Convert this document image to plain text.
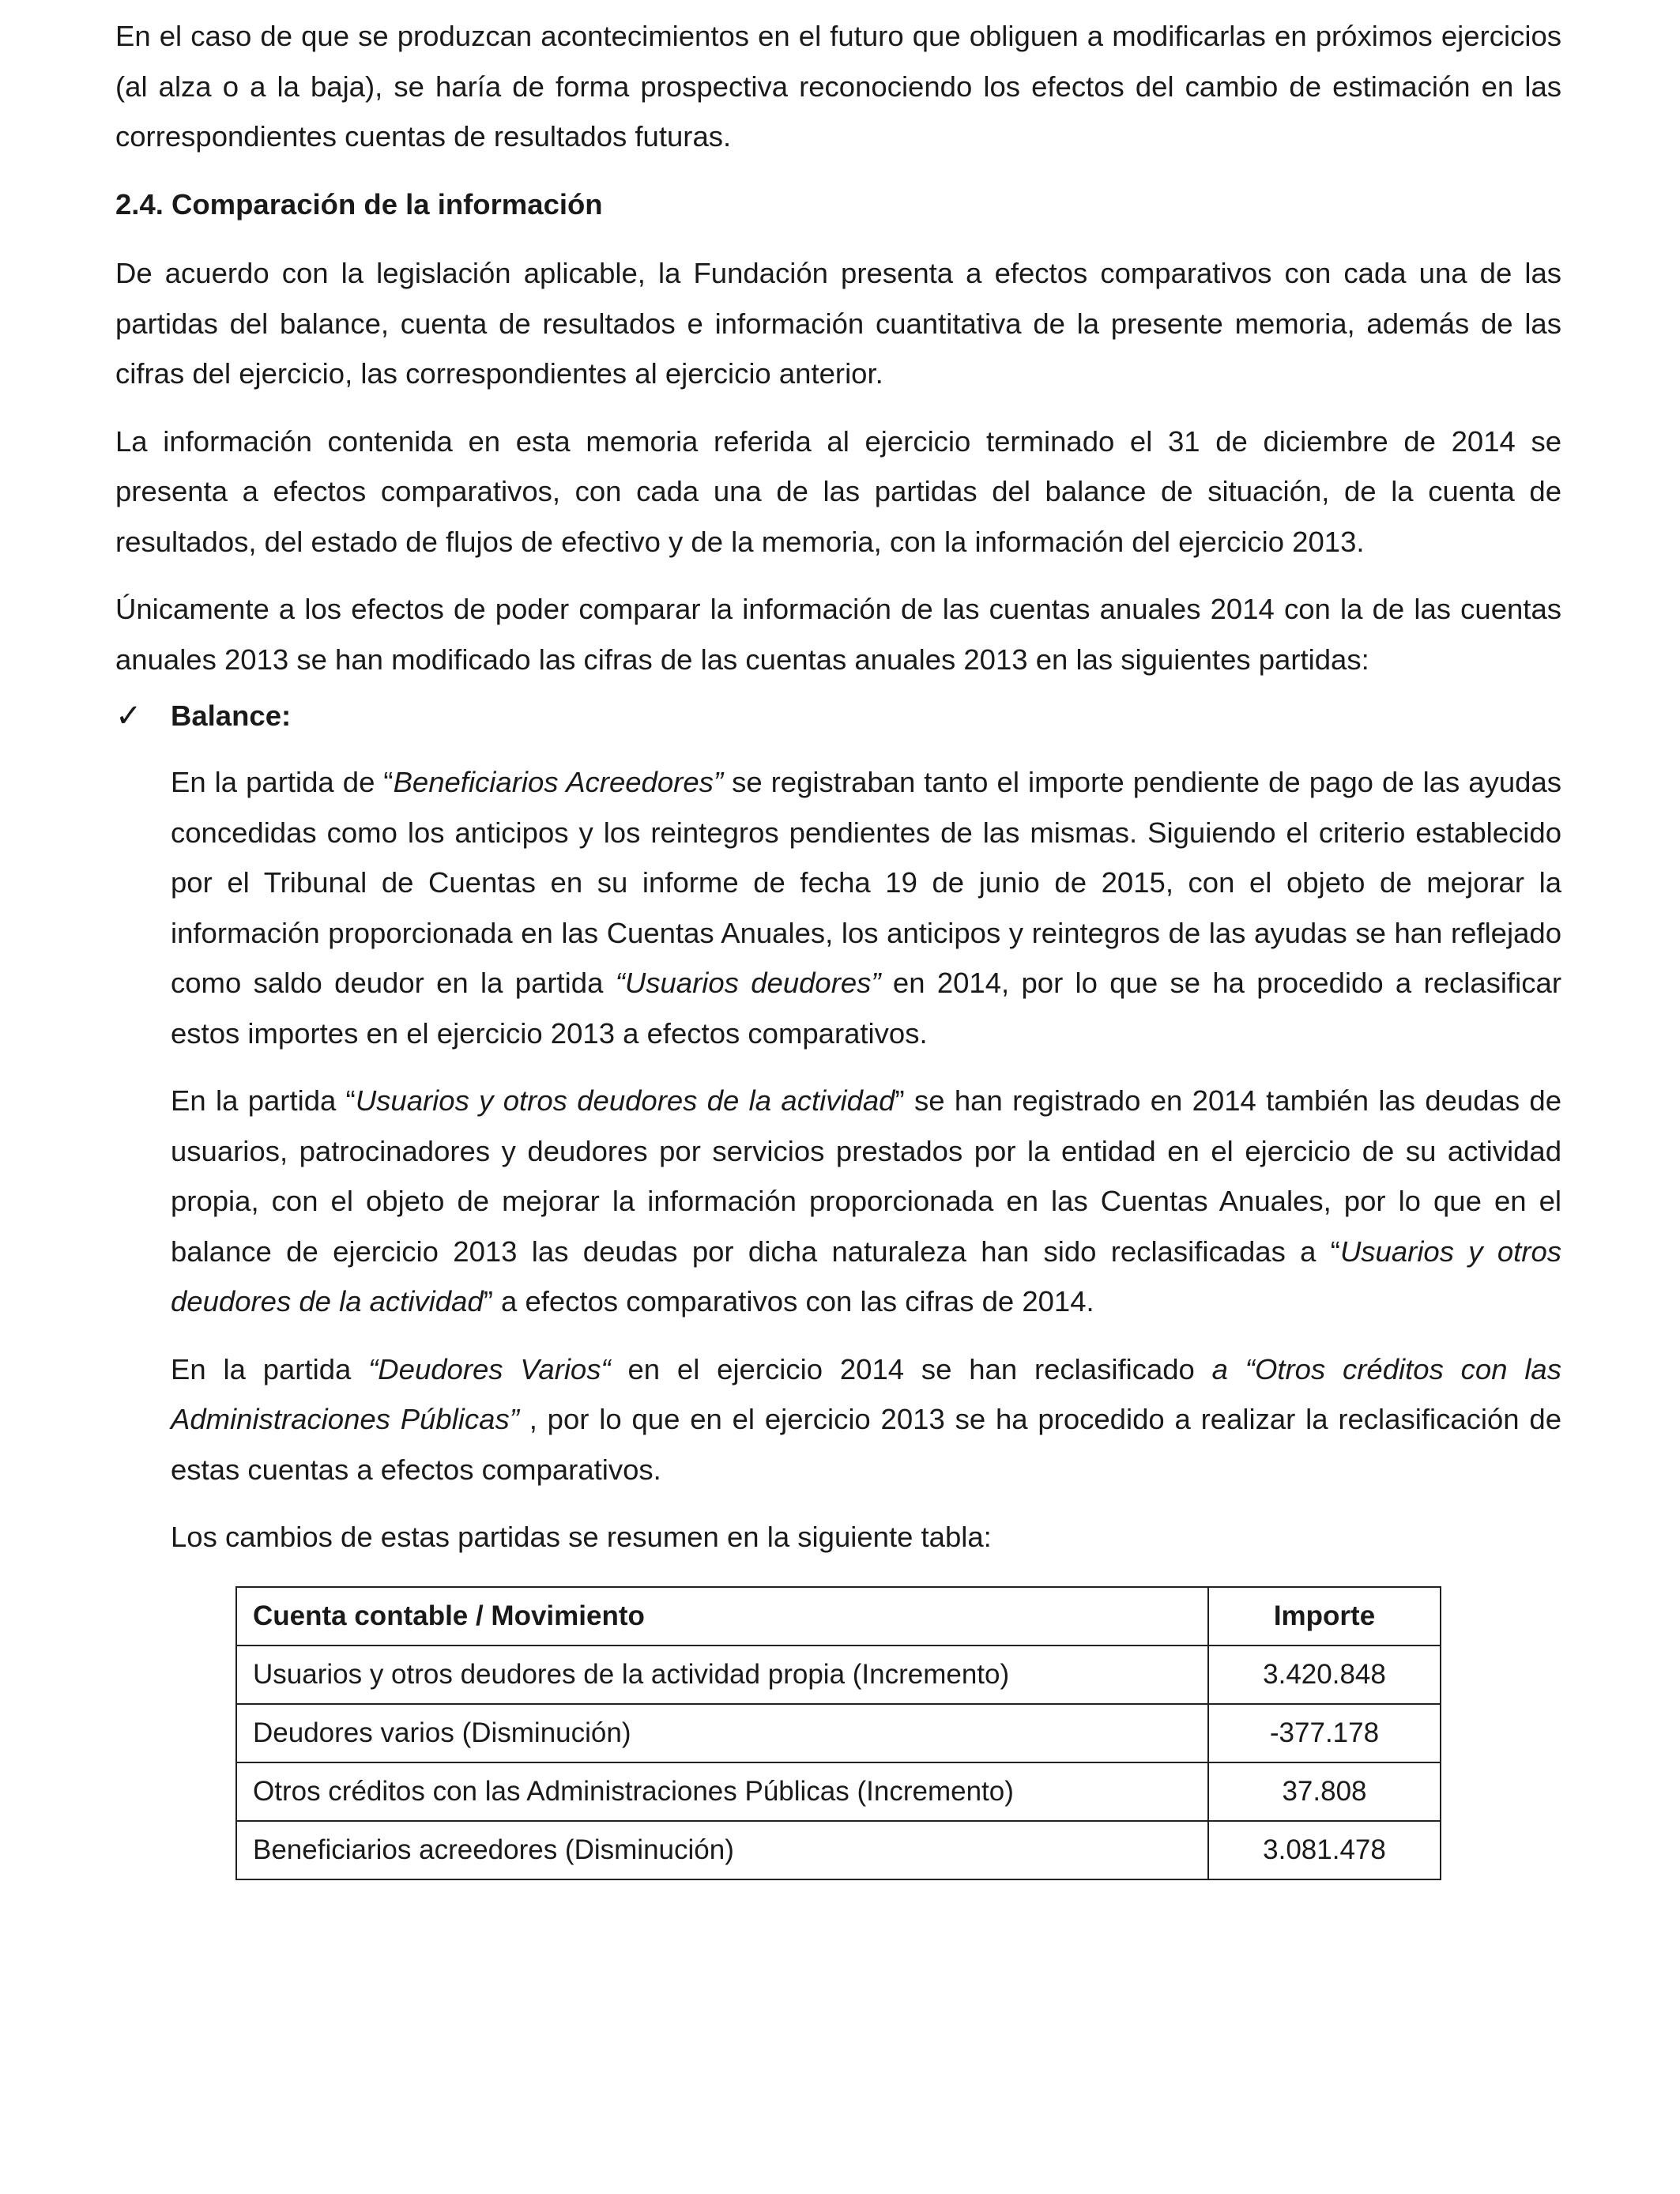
En el caso de que se produzcan acontecimientos en el futuro que obliguen a modificarlas en próximos ejercicios (al alza o a la baja), se haría de forma prospectiva reconociendo los efectos del cambio de estimación en las correspondientes cuentas de resultados futuras.

2.4. Comparación de la información

De acuerdo con la legislación aplicable, la Fundación presenta a efectos comparativos con cada una de las partidas del balance, cuenta de resultados e información cuantitativa de la presente memoria, además de las cifras del ejercicio, las correspondientes al ejercicio anterior.

La información contenida en esta memoria referida al ejercicio terminado el 31 de diciembre de 2014 se presenta a efectos comparativos, con cada una de las partidas del balance de situación, de la cuenta de resultados, del estado de flujos de efectivo y de la memoria, con la información del ejercicio 2013.

Únicamente a los efectos de poder comparar la información de las cuentas anuales 2014 con la de las cuentas anuales 2013 se han modificado las cifras de las cuentas anuales 2013 en las siguientes partidas:

✓ Balance:

En la partida de “Beneficiarios Acreedores” se registraban tanto el importe pendiente de pago de las ayudas concedidas como los anticipos y los reintegros pendientes de las mismas. Siguiendo el criterio establecido por el Tribunal de Cuentas en su informe de fecha 19 de junio de 2015, con el objeto de mejorar la información proporcionada en las Cuentas Anuales, los anticipos y reintegros de las ayudas se han reflejado como saldo deudor en la partida “Usuarios deudores” en 2014, por lo que se ha procedido a reclasificar estos importes en el ejercicio 2013 a efectos comparativos.

En la partida “Usuarios y otros deudores de la actividad” se han registrado en 2014 también las deudas de usuarios, patrocinadores y deudores por servicios prestados por la entidad en el ejercicio de su actividad propia, con el objeto de mejorar la información proporcionada en las Cuentas Anuales, por lo que en el balance de ejercicio 2013 las deudas por dicha naturaleza han sido reclasificadas a “Usuarios y otros deudores de la actividad” a efectos comparativos con las cifras de 2014.

En la partida “Deudores Varios“ en el ejercicio 2014 se han reclasificado a “Otros créditos con las Administraciones Públicas” , por lo que en el ejercicio 2013 se ha procedido a realizar la reclasificación de estas cuentas a efectos comparativos.

Los cambios de estas partidas se resumen en la siguiente tabla:

Cuenta contable / Movimiento	Importe
Usuarios y otros deudores de la actividad propia (Incremento)	3.420.848
Deudores varios (Disminución)	-377.178
Otros créditos con las Administraciones Públicas (Incremento)	37.808
Beneficiarios acreedores (Disminución)	3.081.478
